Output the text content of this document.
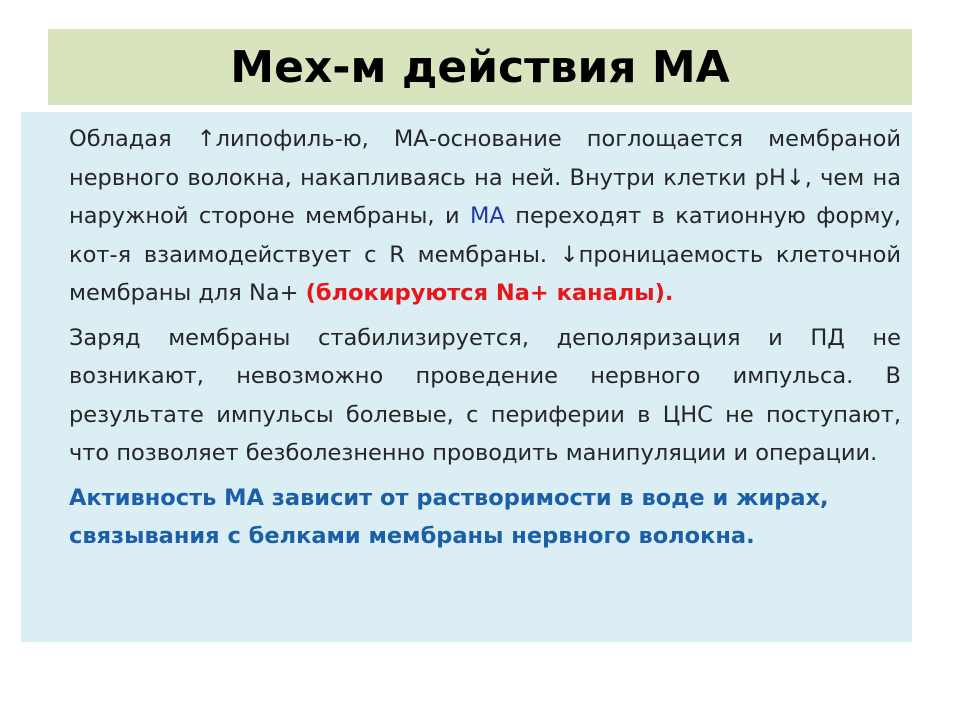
Мех-м действия МА

Обладая ↑липофиль-ю, МА-основание поглощается мембраной нервного волокна, накапливаясь на ней. Внутри клетки pH↓, чем на наружной стороне мембраны, и МА переходят в катионную форму, кот-я взаимодействует с R мембраны. ↓проницаемость клеточной мембраны для Na+ (блокируются Na+ каналы).

Заряд мембраны стабилизируется, деполяризация и ПД не возникают, невозможно проведение нервного импульса. В результате импульсы болевые, с периферии в ЦНС не поступают, что позволяет безболезненно проводить манипуляции и операции.

Активность МА зависит от растворимости в воде и жирах, связывания с белками мембраны нервного волокна.
